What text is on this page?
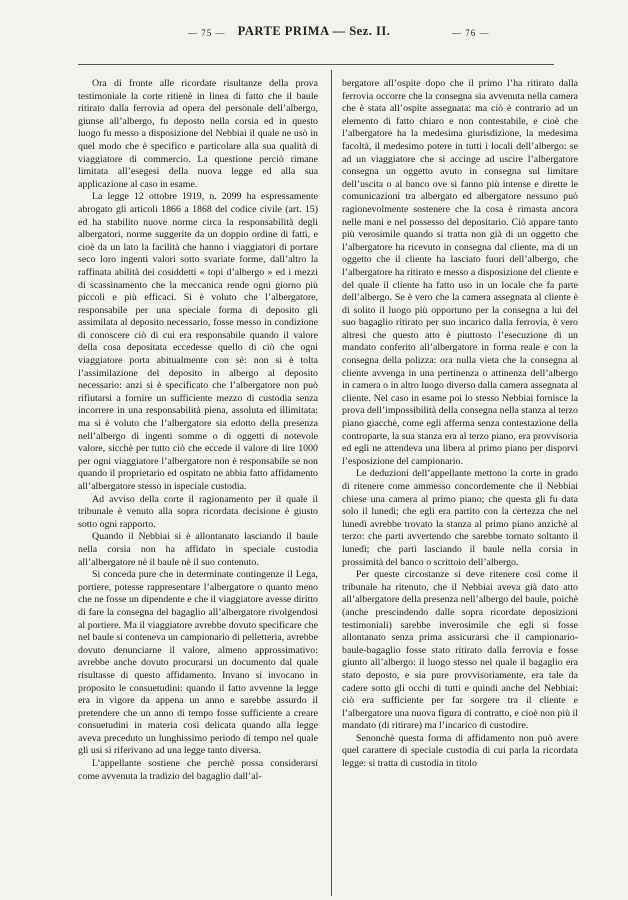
— 75 — PARTE PRIMA — Sez. II.	— 76 —

Ora di fronte alle ricordate risultanze della prova testimoniale la corte ritienè in linea di fatto che il baule ritirato dalla ferrovia ad opera del personale dell’albergo, giunse all’albergo, fu deposto nella corsia ed in questo luogo fu messo a disposizione del Nebbiai il quale ne usò in quel modo che è specifico e particolare alla sua qualità di viaggiatore di commercio. La questione perciò rimane limitata all’esegesi della nuova legge ed alla sua applicazione al caso in esame.

La legge 12 ottobre 1919, n. 2099 ha espressamente abrogato gli articoli 1866 a 1868 del codice civile (art. 15) ed ha stabilito nuove norme circa la responsabilità degli albergatori, norme suggerite da un doppio ordine di fatti, e cioè da un lato la facilità che hanno i viaggiatori di portare seco loro ingenti valori sotto svariate forme, dall’altro la raffinata abilità dei cosiddetti « topi d’albergo » ed i mezzi di scassinamento che la meccanica rende ogni giorno più piccoli e più efficaci. Si è voluto che l’albergatore, responsabile per una speciale forma di deposito gli assimilata al deposito necessario, fosse messo in condizione di conoscere ciò di cui era responsabile quando il valore della cosa depositata eccedesse quello di ciò che ogni viaggiatore porta abitualmente con sè: non si è tolta l’assimilazione del deposito in albergo al deposito necessario: anzi si è specificato che l’albergatore non può rifiutarsi a fornire un sufficiente mezzo di custodia senza incorrere in una responsabilità piena, assoluta ed illimitata: ma si è voluto che l’albergatore sia edotto della presenza nell’albergo di ingenti somme o di oggetti di notevole valore, sicchè per tutto ciò che eccede il valore di lire 1000 per ogni viaggiatore l’albergatore non è responsabile se non quando il proprietario ed ospitato ne abbia fatto affidamento all’albergatore stesso in ispeciale custodia.

Ad avviso della corte il ragionamento per il quale il tribunale è venuto alla sopra ricordata decisione è giusto sotto ogni rapporto.

Quando il Nebbiai si è allontanato lasciando il baule nella corsia non ha affidato in speciale custodia all’albergatore nè il baule nè il suo contenuto.

Si conceda pure che in determinate contingenze il Lega, portiere, potesse rappresentare l’albergatore o quanto meno che ne fosse un dipendente e che il viaggiatore avesse diritto di fare la consegna del bagaglio all’albergatore rivolgendosi al portiere. Ma il viaggiatore avrebbe dovuto specificare che nel baule si conteneva un campionario di pelletteria, avrebbe dovuto denunciarne il valore, almeno approssimativo: avrebbe anche dovuto procurarsi un documento dal quale risultasse di questo affidamento. Invano si invocano in proposito le consuetudini: quando il fatto avvenne la legge era in vigore da appena un anno e sarebbe assurdo il pretendere che un anno di tempo fosse sufficiente a creare consuetudini in materia così delicata quando alla legge aveva preceduto un lunghissimo periodo di tempo nel quale gli usi si riferivano ad una legge tanto diversa.

L’appellante sostiene che perchè possa considerarsi come avvenuta la tradizio del bagaglio dall’al-

bergatore all’ospite dopo che il primo l’ha ritirato dalla ferrovia occorre che la consegna sia avvenuta nella camera che è stata all’ospite assegnata: ma ciò è contrario ad un elemento di fatto chiaro e non contestabile, e cioè che l’albergatore ha la medesima giurisdizione, la medesima facoltà, il medesimo potere in tutti i locali dell’albergo: se ad un viaggiatore che si accinge ad uscire l’albergatore consegna un oggetto avuto in consegna sul limitare dell’uscita o al banco ove si fanno più intense e dirette le comunicazioni tra albergato ed albergatore nessuno può ragionevolmente sostenere che la cosa è rimasta ancora nelle mani e nel possesso del depositario. Ciò appare tanto più verosimile quando si tratta non già di un oggetto che l’albergatore ha ricevuto in consegna dal cliente, ma di un oggetto che il cliente ha lasciato fuori dell’albergo, che l’albergatore ha ritirato e messo a disposizione del cliente e del quale il cliente ha fatto uso in un locale che fa parte dell’albergo. Se è vero che la camera assegnata al cliente è di solito il luogo più opportuno per la consegna a lui del suo bagaglio ritirato per suo incarico dalla ferrovia, è vero altresì che questo atto è piuttosto l’esecuzione di un mandato conferito all’albergatore in forma reale e con la consegna della polizza: ora nulla vieta che la consegna al cliente avvenga in una pertinenza o attinenza dell’albergo in camera o in altro luogo diverso dalla camera assegnata al cliente. Nel caso in esame poi lo stesso Nebbiai fornisce la prova dell’impossibilità della consegna nella stanza al terzo piano giacchè, come egli afferma senza contestazione della controparte, la sua stanza era al terzo piano, era provvisoria ed egli ne attendeva una libera al primo piano per disporvi l’esposizione del campionario.

Le deduzioni dell’appellante mettono la corte in grado di ritenere come ammesso concordemente che il Nebbiai chiese una camera al primo piano; che questa gli fu data solo il lunedì; che egli era partito con la certezza che nel lunedì avrebbe trovato la stanza al primo piano anzichè al terzo: che parti avvertendo che sarebbe tornato soltanto il lunedì; che partì lasciando il baule nella corsia in prossimità del banco o scrittoio dell’albergo.

Per queste circostanze si deve ritenere così come il tribunale ha ritenuto, che il Nebbiai aveva già dato atto all’albergatore della presenza nell’albergo del baule, poichè (anche prescindendo dalle sopra ricordate deposizioni testimoniali) sarebbe inverosimile che egli si fosse allontanato senza prima assicurarsi che il campionario-baule-bagaglio fosse stato ritirato dalla ferrovia e fosse giunto all’albergo: il luogo stesso nel quale il bagaglio era stato deposto, e sia pure provvisoriamente, era tale da cadere sotto gli occhi di tutti e quindi anche del Nebbiai: ciò era sufficiente per far sorgere tra il cliente e l’albergatore una nuova figura di contratto, e cioè non più il mandato (di ritirare) ma l’incarico di custodire.

Senonchè questa forma di affidamento non può avere quel carattere di speciale custodia di cui parla la ricordata legge: si tratta di custodia in titolo
